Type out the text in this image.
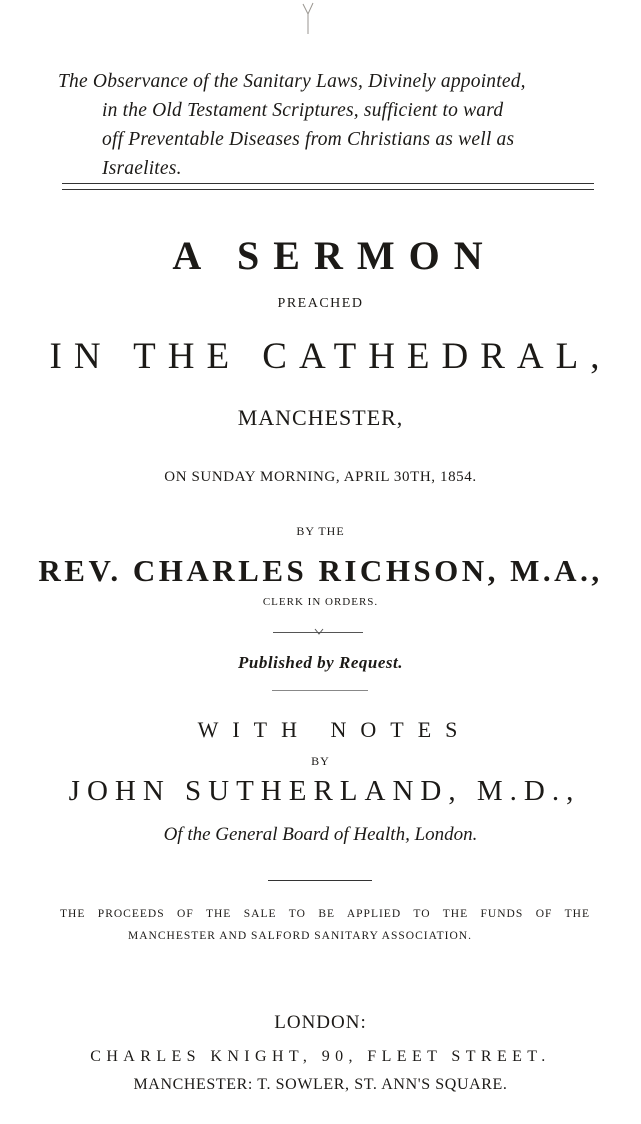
The Observance of the Sanitary Laws, Divinely appointed,
in the Old Testament Scriptures, sufficient to ward
off Preventable Diseases from Christians as well as
Israelites.
A SERMON
PREACHED
IN THE CATHEDRAL,
MANCHESTER,
ON SUNDAY MORNING, APRIL 30TH, 1854.
BY THE
REV. CHARLES RICHSON, M.A.,
CLERK IN ORDERS.
Published by Request.
WITH NOTES
BY
JOHN SUTHERLAND, M.D.,
Of the General Board of Health, London.
THE PROCEEDS OF THE SALE TO BE APPLIED TO THE FUNDS OF THE
MANCHESTER AND SALFORD SANITARY ASSOCIATION.
LONDON:
CHARLES KNIGHT, 90, FLEET STREET.
MANCHESTER: T. SOWLER, ST. ANN'S SQUARE.
